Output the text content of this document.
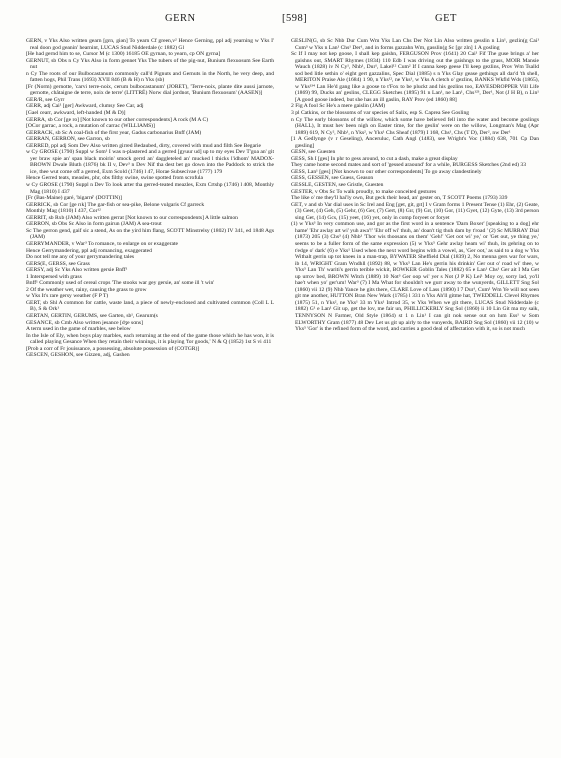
GERN	[598]	GET

GERN, v Yks Also written gearn [gɛn, giən] To yearn Cf green,v² Hence Gerning, ppl adj yearning w Yks I' real doon god geanin' hearnint, LUCAS Stud Nidderdale (c 1882) Gl

[He had gernd him to se, Cursor M (c 1300) 16185 OE gyrnan, to yearn, cp ON gyrna]

GERNUT, sb Obs n Cy Yks Also in form gennet Yks The tubers of the pig-nut, Bunium flexuosum See Earth nut

n Cy The roots of our Bulbocastanum commonly call'd Pignuts and Gernuts in the North, he very deep, and fatten hogs, Phil Trans (1693) XVII 846 (B & H) n Yks (sb)

[Fr (Norm) gernotte, 'carvi terre-noix, cerum bulbocastanum' (JORET), 'Terre-noix, plante dite aussi jarnote, gernotte, châtaigne de terre, noix de terre' (LITTRÉ) Norw dial jordnot, 'Bunium flexuosum' (AASEN)]

GER/R, see Gyrr

GERR, adj Cai¹ [ger] Awkward, clumsy See Car, adj

[Gael cearr, awkward, left-handed (M & D)]

GERRA, sb Cor [ge ro] [Not known to our other correspondents] A rock (M A C)

[OCor garrac, a rock, a mutation of carrac (WILLIAMS)]

GERRACK, sb Sc A coal-fish of the first year, Gadus carbonarius Bnff (JAM)

GERRAN, GERRON, see Garron, sb

GERRED, ppl adj Som Dev Also written girred Bedaubed, dirty, covered with mud and filth See Begarie

w Cy GROSE (1790) Suppl w Som¹ I was n-plastered and a gerred [gyuur ud] up to my eyes Dev T'goa an' git yer braw spie an' span black moirin' smock gerrd an' daggleteled an' mucked l thicks l'idhom' MADOX-BROWN Dwale Bluth (1876) bk II v, Dev³ n Dev Nif tha dest bet go down into the Paddock to strick the ice, thee wut come off a gerred, Exm Scold (1746) l 47, Horae Subsecivae (1777) 179

Hence Gerred teats, measles, phr, obs filthy swine, swine spotted from scrofula

w Cy GROSE (1790) Suppl n Dev To look arter tha gerred-teated meazles, Exm Crtshp (1746) l 408, Monthly Mag (1810) I 437

[Fr (Bas-Maine) garé, 'bigarré' (DOTTIN)]

GERRICK, sb Cor [ge rɪk] The gar-fish or sea-pike, Belone vulgaris Cf garreck

Monthly Mag (1810) I 437, Cor¹²

GERRIT, sb Rxb (JAM) Also written gerrat [Not known to our correspondents] A little salmon

GERRON, sb Obs Sc Also in form gairun (JAM) A sea-trout

Sc The gerron gend, gaif sic a stend, As on the yird him flang, SCOTT Minstrelsy (1802) IV 341, ed 1848 Ags (JAM)

GERRYMANDER, v War³ To romance, to enlarge on or exaggerate

Hence Gerrymandering, ppl adj romancing, exaggerated

Do not tell me any of your gerrymandering tales

GERS(E, GERSS, see Grass

GERSY, adj Sc Yks Also written gersie Bnff¹

1 Interspersed with grass

Bnff¹ Commonly used of cereal crops 'The stooks war gey gersie, an' some ill 't win'

2 Of the weather wet, rainy, causing the grass to grow

w Yks It's rare gersy weather (F P T)

GERT, sb Shl A common for cattle, waste land, a piece of newly-enclosed and cultivated common (Coll L L B), S & Ork¹

GERTAN, GERTIN, GERUMS, see Garten, sb¹, Gearum(s

GESANCE, sb Cmb Also written jesance [dʒe sɑns]

A term used in the game of marbles, see below

In the Isle of Ely, when boys play marbles, each returning at the end of the game those which he has won, it is called playing Gesance When they retain their winnings, it is playing 'for goods,' N & Q (1852) 1st S vi 411

[Prob a corr of Fr jouissance, a possessing, absolute possession of (COTGR)]

GESCEN, GESHON, see Gizzen, adj, Gashen

GESLIN(G, sb Sc Nhb Dur Cum Wm Yks Lan Chs Der Not Lin Also written gesslin n Lin¹, gezlin(g Cai¹ Cum³ w Yks n Lan¹ Chs¹ Der¹, and in forms gazzahn Wm, gasslin(g Sc [gɛ zln] 1 A gosling

Sc If I may not kep goose, I shall kep gaishn, FERGUSON Prov (1641) 20 Cai¹ Fif The guse brings a' her gaishns out, SMART Rhymes (1834) 110 Edb I was driving out the gaishngs to the grass, MOIR Mansie Wauch (1828) iv N Cy¹, Nhb¹, Dur¹, Lakel¹² Cum² If I canna keep geese I'll keep gezlins, Prov Wm Tsalld sod bed litle sethin o' eight gert gazzalins, Spec Dial (1885) s n Yks Glay gease gethings all dar'd 'th shell, MERITON Praise Ale (1684) 1 90, n Yks¹², ne Yks¹, w Yks A cletch o' gezlins, BANKS Wkfld Wds (1865), w Yks¹³⁴ Lan He'd gang like a goose to t'Fox to be pluckt and his gezlins too, EAVESDROPPER Vill Life (1869) 99, Ducks an' geslins, CLEGG Sketches (1895) 91 n Lan¹, ne Lan¹, Chs¹²³, Der¹, Not (J H B), n Lin¹ [A good goose indeed, but she has an ill gaslin, RAY Prov (ed 1860) 88]

2 Fig A fool Sc He's a mere gaislin (JAM)

3 pl Catkins, or the blossoms of var species of Salix, esp S. Caprea See Gosling

n Cy The early blossoms of the willow, which some have believed fell into the water and become goslings (HALL), It must hev been nigh on Easter time, for the geslin' were on the willow, Longman's Mag (Apr 1889) 619, N Cy², Nhb¹, n Yks², w Yks¹ Chs Sheaf (1879) I 168, Chs¹, Chs (T D), Der², nw Der¹

[1 A Gedlynge (v r Geseling), Anceruluc, Cath Angl (1483), see Wright's Voc (1884) 638, 701 Cp Dan gæsling]

GESN, see Guesten

GESS, Sh I [ges] In phr to gess around, to cut a dash, make a great display

They came home second mates and sort of 'gessed araound' for a while, BURGESS Sketches (2nd ed) 33

GESS, Lan¹ [ges] [Not known to our other correspondents] To go away clandestinely

GESS, GESSEN, see Guess, Geason

GESSLE, GESTEN, see Gristle, Guesten

GESTER, v Obs Sc To walk proudly, to make conceited gestures

The like o' me they'll hai'ly own, But geck their head, an' gester on, T SCOTT Poems (1793) 339

GET, v and sb Var dial uses in Sc Irel and Eng [get, git, gɪt] I v Gram forms 1 Present Tense (1) Ehr, (2) Geate, (3) Geet, (4) Geh, (5) Gehr, (6) Ger, (7) Gert, (8) Gır, (9) Gıt, (10) Gor, (11) Gyet, (12) Gyte, (13) 3rd person sing Get, (14) Gcs, (15) yeet, (16) yet, only in comp foryeet or foryet

(1) w Yks³ In very common use, and gor as the first word in a sentence 'Darn Boxer' [speaking to a dog] ehr hame' 'Ehr awlay art wi' yuh awa'!' 'Ehr off wi' thuh, an' doan't tig thuh dam by t'road ' (2) Sc MURRAY Dial (1873) 205 (3) Chs³ (4) Nhb¹ 'Thor wis thoosans on them' 'Geh!' 'Get oot wi' ye,' or 'Get out, ye thing ye,' seems to be a fuller form of the same expression (5) w Yks⁵ Gehr awlay heam wi' thuh, its gehring on to t'edge o' dark' (6) e Yks¹ Used when the next word begins with a vowel, as, 'Ger oot,' as said to a dog w Yks Withalt gerrin up tot knees in a man-trap, BYWATER Sheffield Dial (1839) 2, No menna gers war for wars, ib 14, WRIGHT Gram Wndhll (1892) 88, w Yks⁵ Lan He's gerrin his drinkin' Ger out o' road wi' thee, w Yks⁵ Lan Th' wariti's gerrin terible wickit, BOWKER Goblin Tales (1882) 65 e Lan¹ Chs¹ Ger ait I Ma Get up urrov bed, BROWN Witch (1889) 10 Not³ Ger oop wi' yer s Not (J P K) Lei¹ Moy oy, sorry lad, yo'll hae't when yo' ger'um! War³ (7) I Ma What for shouldn't we gurr away to the wunyerds, GILLETT Sng Sol (1860) vii 12 (9) Nhb Yance he gits there, CLARE Love of Lass (1890) I 7 Dur¹, Cum¹ Wm Ye will not seen git me another, HUTTON Bran New Wark (1785) l 331 n Yks Ah'll gitme hat, TWEDDELL Clevel Rhymes (1875) 51, n Yks², ne Yks¹ 33 m Yks¹ Introd 35, w Yks When we git there, LUCAS Stud Nidderdale (c 1882) G¹ e Lan¹ Git up, get the lov, me fair un, PHILLICKERLY Sng Sol (1860) ii 10 Lin Git ma my saik, TENNYSON N Farmer, Old Style (1864) st 1 n Lin¹ I can git nok sense out on hım Ess¹ w Som ELWORTHY Gram (1877) 48 Dev Let us git up airly to the vunyerds, BAIRD Sng Sol (1860) vii 12 (10) w Yks⁵ 'Gor' is the refined form of the word, and carries a good deal of affectation with it, so is not much
